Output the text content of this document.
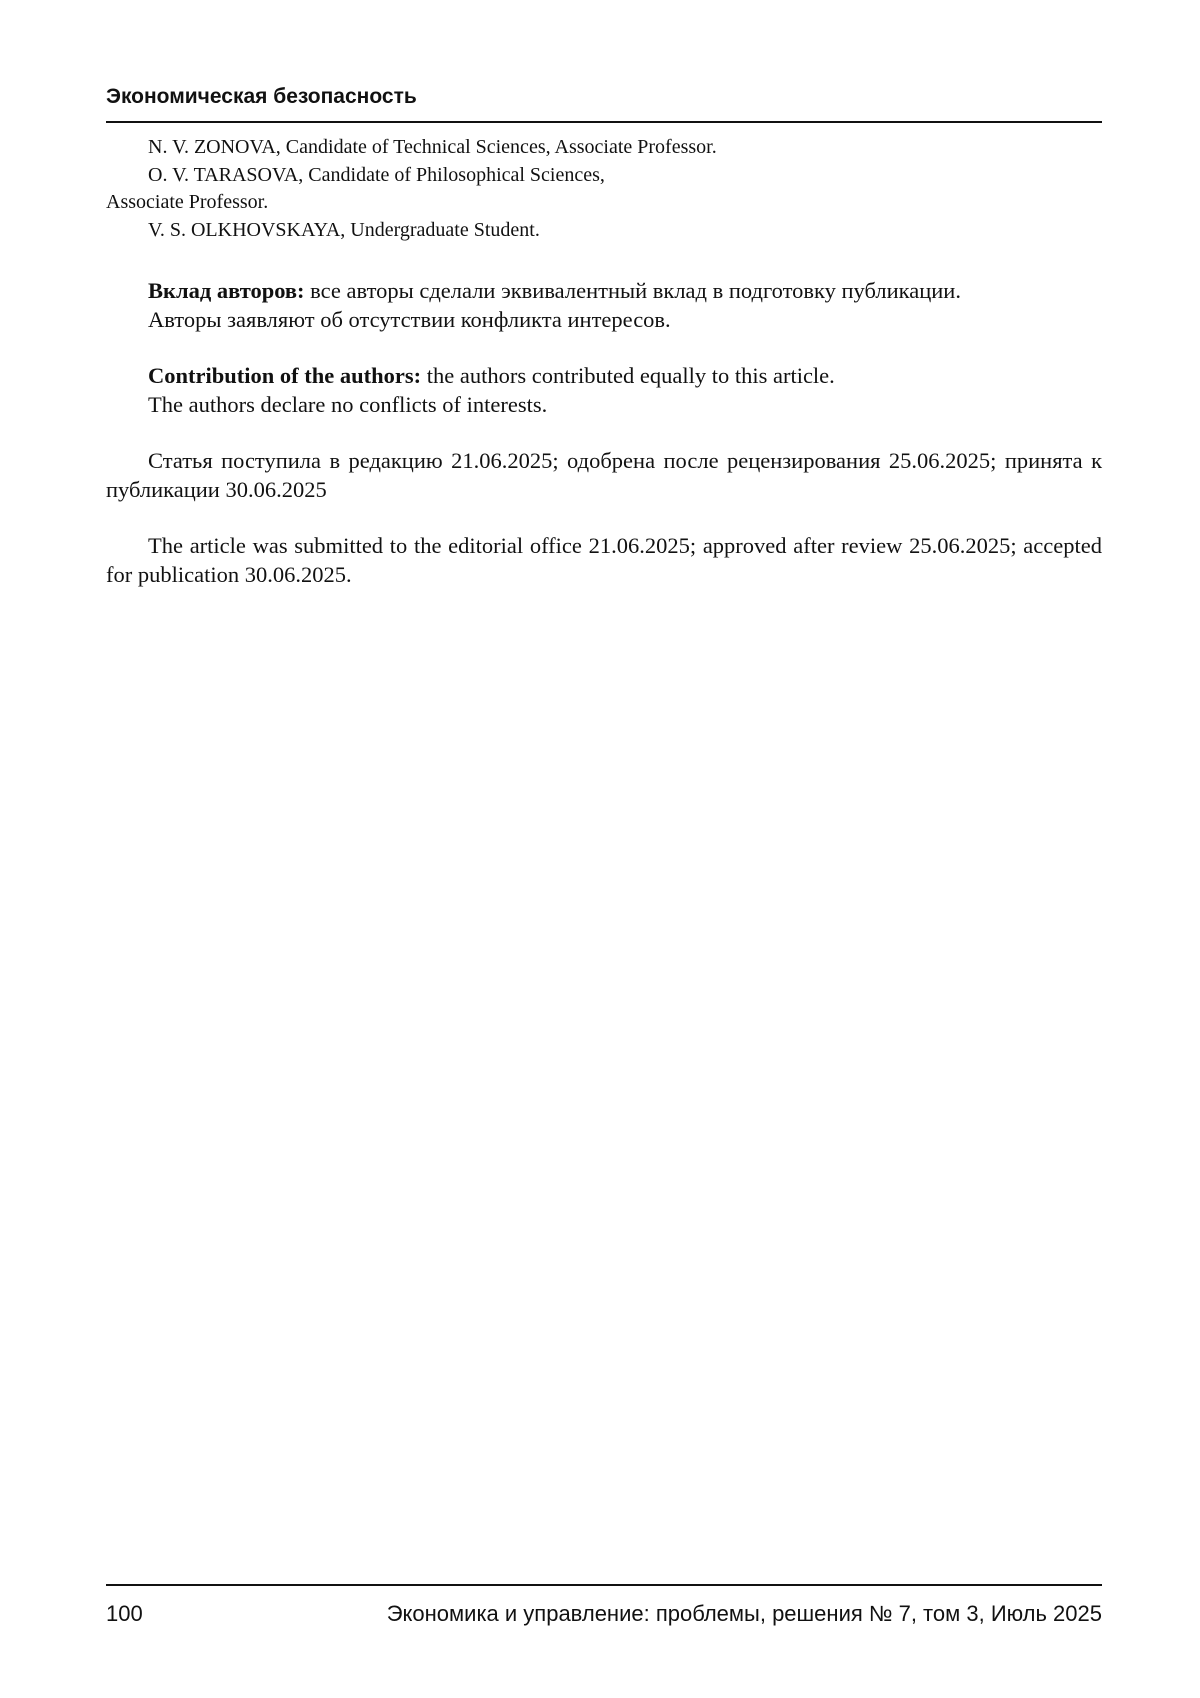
Экономическая безопасность

N. V. ZONOVA, Candidate of Technical Sciences, Associate Professor.

O. V. TARASOVA, Candidate of Philosophical Sciences, Associate Professor.

V. S. OLKHOVSKAYA, Undergraduate Student.

Вклад авторов: все авторы сделали эквивалентный вклад в подготовку публикации.

Авторы заявляют об отсутствии конфликта интересов.

Contribution of the authors: the authors contributed equally to this article.

The authors declare no conflicts of interests.

Статья поступила в редакцию 21.06.2025; одобрена после рецензирования 25.06.2025; принята к публикации 30.06.2025

The article was submitted to the editorial office 21.06.2025; approved after review 25.06.2025; accepted for publication 30.06.2025.

100	Экономика и управление: проблемы, решения № 7, том 3, Июль 2025
